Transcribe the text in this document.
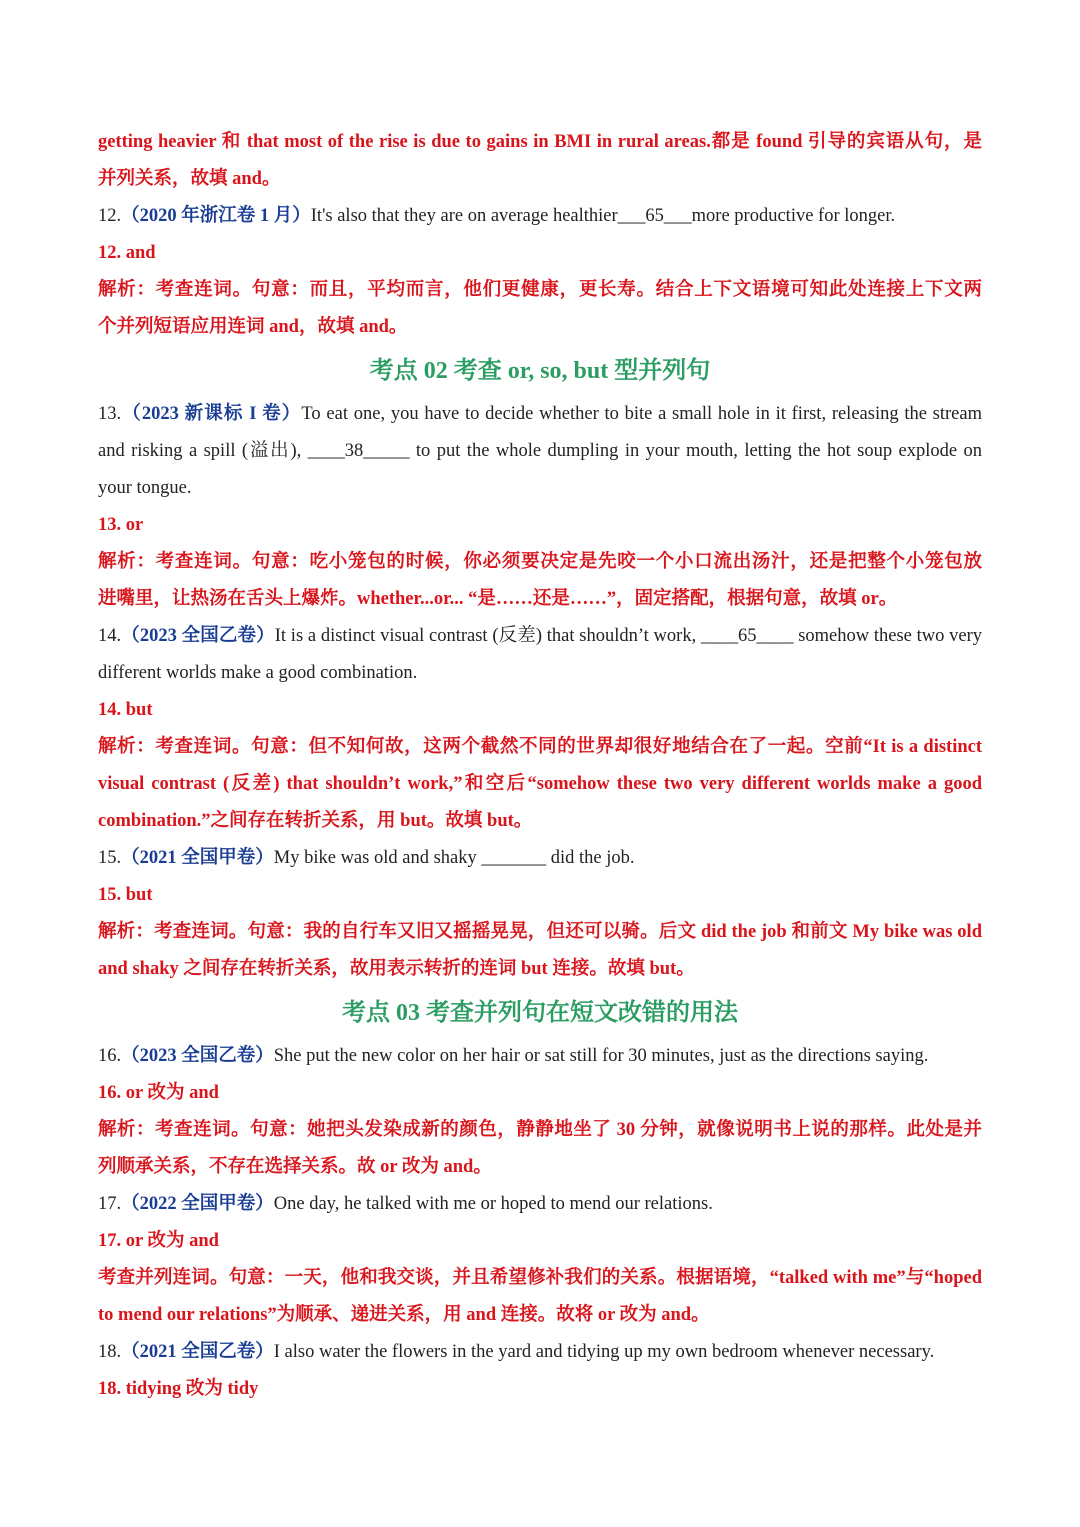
getting heavier 和 that most of the rise is due to gains in BMI in rural areas.都是 found 引导的宾语从句，是
并列关系，故填 and。
12.（2020 年浙江卷 1 月）It's also that they are on average healthier___65___more productive for longer.
12. and
解析：考查连词。句意：而且，平均而言，他们更健康，更长寿。结合上下文语境可知此处连接上下文两
个并列短语应用连词 and，故填 and。
考点 02 考查 or, so, but 型并列句
13.（2023 新课标 I 卷）To eat one, you have to decide whether to bite a small hole in it first, releasing the stream
and risking a spill (溢出), ____38_____ to put the whole dumpling in your mouth, letting the hot soup explode on
your tongue.
13. or
解析：考查连词。句意：吃小笼包的时候，你必须要决定是先咬一个小口流出汤汁，还是把整个小笼包放
进嘴里，让热汤在舌头上爆炸。whether...or... “是……还是……”，固定搭配，根据句意，故填 or。
14.（2023 全国乙卷）It is a distinct visual contrast (反差) that shouldn’t work, ____65____ somehow these two very
different worlds make a good combination.
14. but
解析：考查连词。句意：但不知何故，这两个截然不同的世界却很好地结合在了一起。空前“It is a distinct
visual contrast (反差) that shouldn’t work,”和空后“somehow these two very different worlds make a good
combination.”之间存在转折关系，用 but。故填 but。
15.（2021 全国甲卷）My bike was old and shaky _______ did the job.
15. but
解析：考查连词。句意：我的自行车又旧又摇摇晃晃，但还可以骑。后文 did the job 和前文 My bike was old
and shaky 之间存在转折关系，故用表示转折的连词 but 连接。故填 but。
考点 03 考查并列句在短文改错的用法
16.（2023 全国乙卷）She put the new color on her hair or sat still for 30 minutes, just as the directions saying.
16. or 改为 and
解析：考查连词。句意：她把头发染成新的颜色，静静地坐了 30 分钟，就像说明书上说的那样。此处是并
列顺承关系，不存在选择关系。故 or 改为 and。
17.（2022 全国甲卷）One day, he talked with me or hoped to mend our relations.
17. or 改为 and
考查并列连词。句意：一天，他和我交谈，并且希望修补我们的关系。根据语境，“talked with me”与“hoped
to mend our relations”为顺承、递进关系，用 and 连接。故将 or 改为 and。
18.（2021 全国乙卷）I also water the flowers in the yard and tidying up my own bedroom whenever necessary.
18. tidying 改为 tidy
